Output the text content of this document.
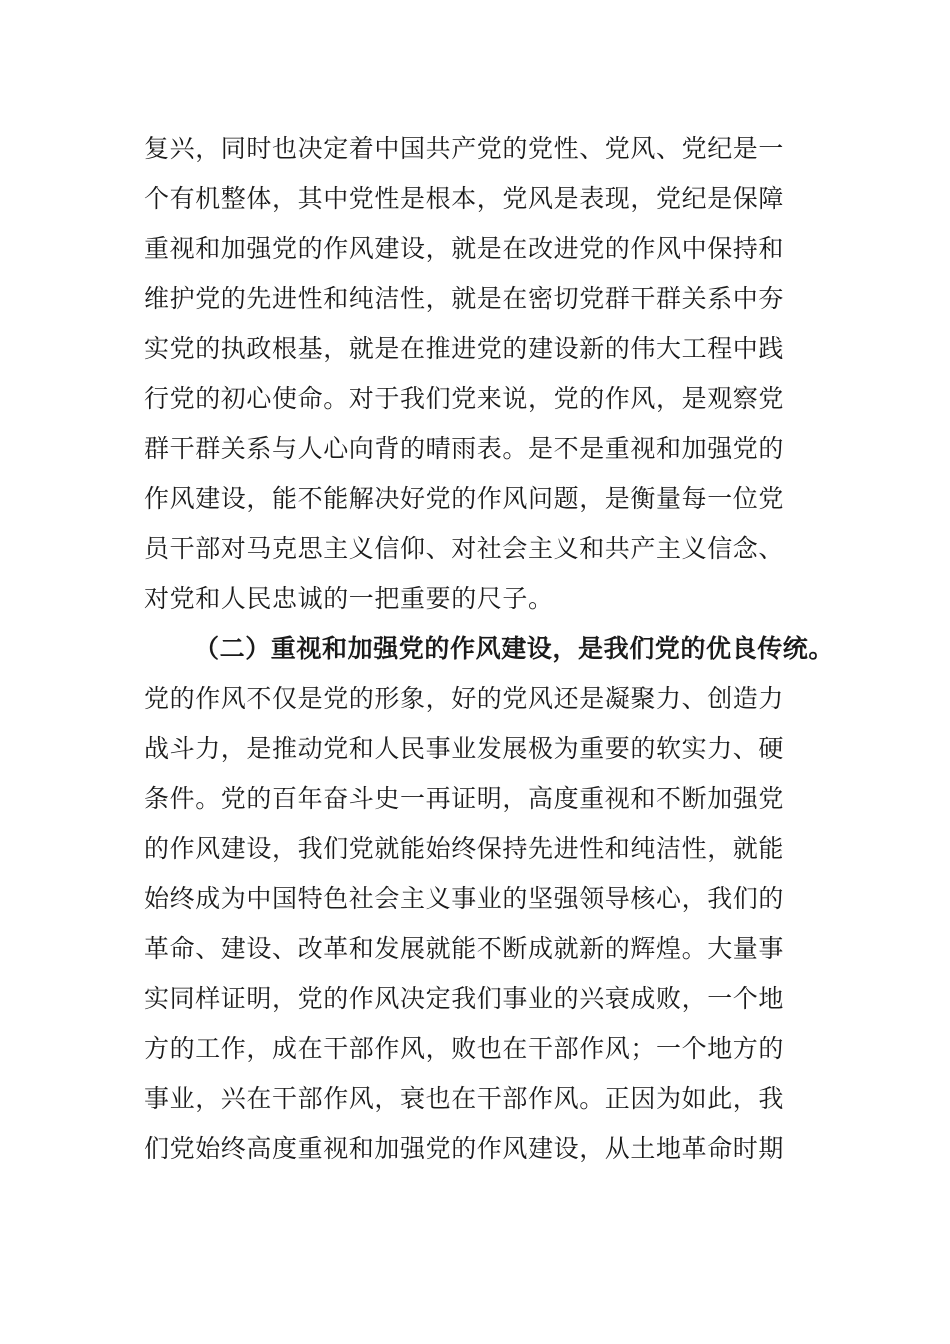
复兴，同时也决定着中国共产党的党性、党风、党纪是一
个有机整体，其中党性是根本，党风是表现，党纪是保障
重视和加强党的作风建设，就是在改进党的作风中保持和
维护党的先进性和纯洁性，就是在密切党群干群关系中夯
实党的执政根基，就是在推进党的建设新的伟大工程中践
行党的初心使命。对于我们党来说，党的作风，是观察党
群干群关系与人心向背的晴雨表。是不是重视和加强党的
作风建设，能不能解决好党的作风问题，是衡量每一位党
员干部对马克思主义信仰、对社会主义和共产主义信念、
对党和人民忠诚的一把重要的尺子。
（二）重视和加强党的作风建设，是我们党的优良传统。
党的作风不仅是党的形象，好的党风还是凝聚力、创造力
战斗力，是推动党和人民事业发展极为重要的软实力、硬
条件。党的百年奋斗史一再证明，高度重视和不断加强党
的作风建设，我们党就能始终保持先进性和纯洁性，就能
始终成为中国特色社会主义事业的坚强领导核心，我们的
革命、建设、改革和发展就能不断成就新的辉煌。大量事
实同样证明，党的作风决定我们事业的兴衰成败，一个地
方的工作，成在干部作风，败也在干部作风；一个地方的
事业，兴在干部作风，衰也在干部作风。正因为如此，我
们党始终高度重视和加强党的作风建设，从土地革命时期
